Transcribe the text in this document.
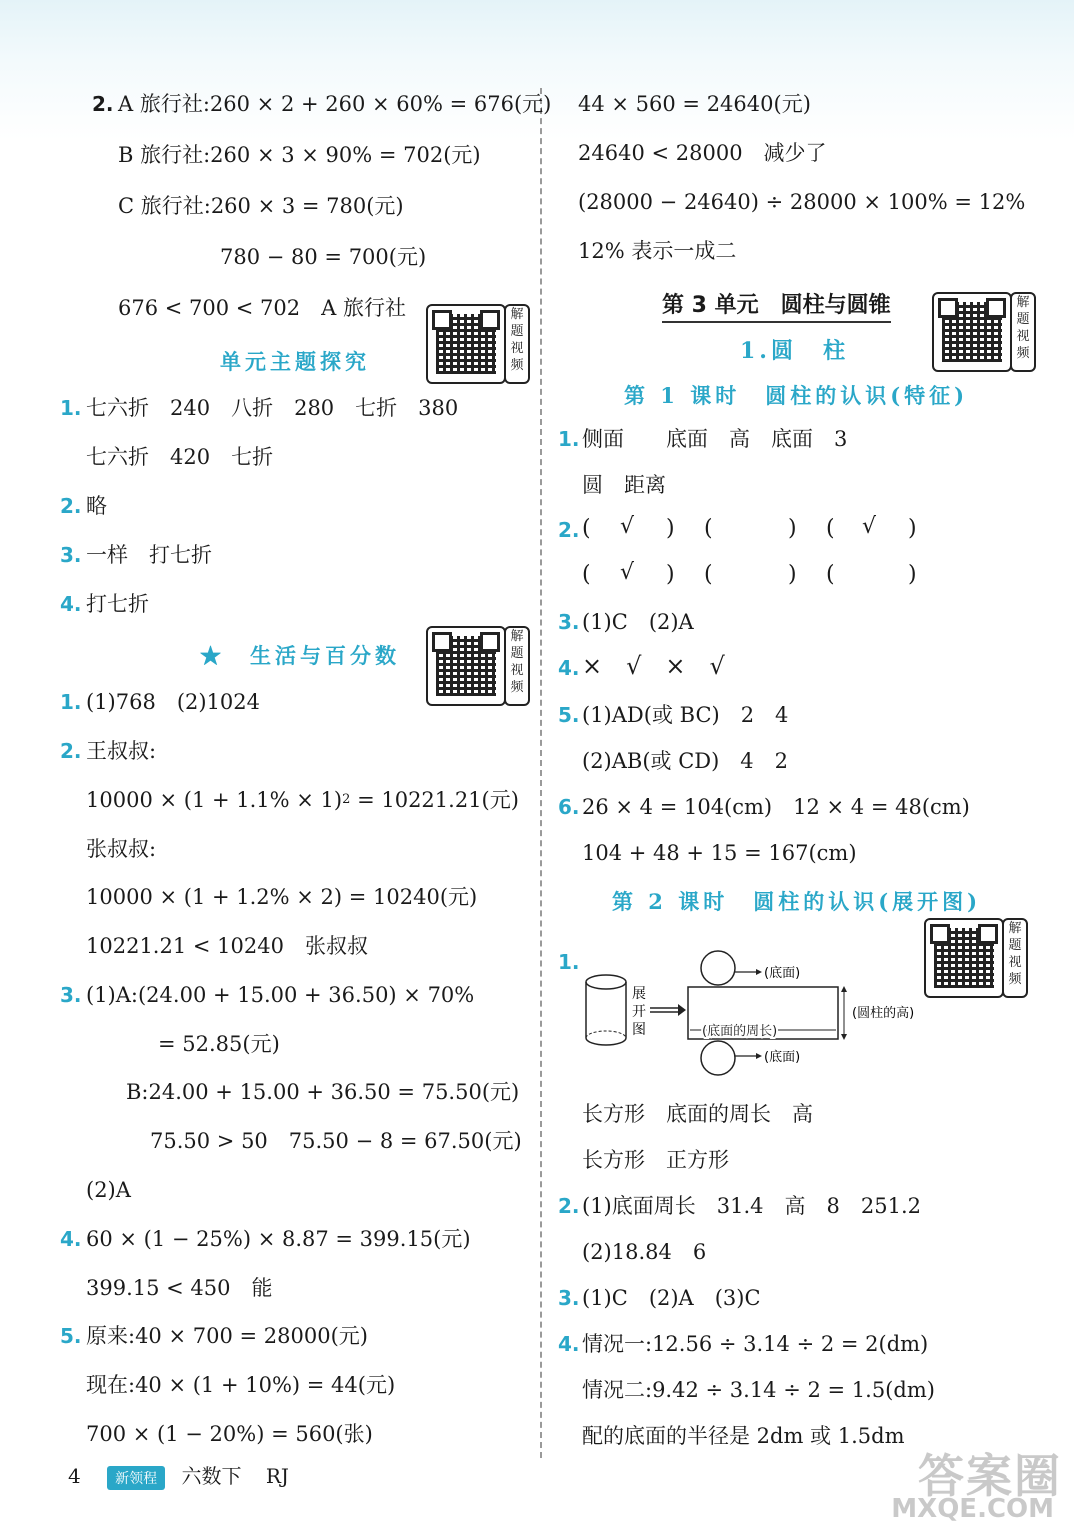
2. A 旅行社:260 × 2 + 260 × 60% = 676(元)
B 旅行社:260 × 3 × 90% = 702(元)
C 旅行社:260 × 3 = 780(元)
780 − 80 = 700(元)
676 < 700 < 702　A 旅行社	解题视频
单元主题探究
1. 七六折　240　八折　280　七折　380
七六折　420　七折
2. 略
3. 一样　打七折
4. 打七折
解题视频
★　生活与百分数
1. (1)768　(2)1024
2. 王叔叔:
$10000 \times (1 + 1.1\% \times 1)^2 = 10221.21$(元)
张叔叔:
10000 × (1 + 1.2% × 2) = 10240(元)
10221.21 < 10240　张叔叔
3. (1)A:(24.00 + 15.00 + 36.50) × 70%
= 52.85(元)
B:24.00 + 15.00 + 36.50 = 75.50(元)
75.50 > 50　75.50 − 8 = 67.50(元)
(2)A
4. 60 × (1 − 25%) × 8.87 = 399.15(元)
399.15 < 450　能
5. 原来:40 × 700 = 28000(元)
现在:40 × (1 + 10%) = 44(元)
700 × (1 − 20%) = 560(张)
44 × 560 = 24640(元)
24640 < 28000　减少了
(28000 − 24640) ÷ 28000 × 100% = 12%
12% 表示一成二
第 3 单元　圆柱与圆锥	解题视频
1.圆　柱
第 1 课时　圆柱的认识(特征)
1. 侧面　　底面　高　底面　3
圆　距离
2. ( √ ) (	) ( √ )
( √ ) (	) (	)
3. (1)C　(2)A
4. ×　√　×　√
5. (1)AD(或 BC)　2　4
(2)AB(或 CD)　4　2
6. 26 × 4 = 104(cm)　12 × 4 = 48(cm)
104 + 48 + 15 = 167(cm)
第 2 课时　圆柱的认识(展开图)
解题视频
1.
展开图
(底面)
(底面的周长)
(圆柱的高)
(底面)
长方形　底面的周长　高
长方形　正方形
2. (1)底面周长　31.4　高　8　251.2
(2)18.84　6
3. (1)C　(2)A　(3)C
4. 情况一:12.56 ÷ 3.14 ÷ 2 = 2(dm)
情况二:9.42 ÷ 3.14 ÷ 2 = 1.5(dm)
配的底面的半径是 2dm 或 1.5dm
4 新领程 六数下 RJ	答案圈
MXQE.COM
